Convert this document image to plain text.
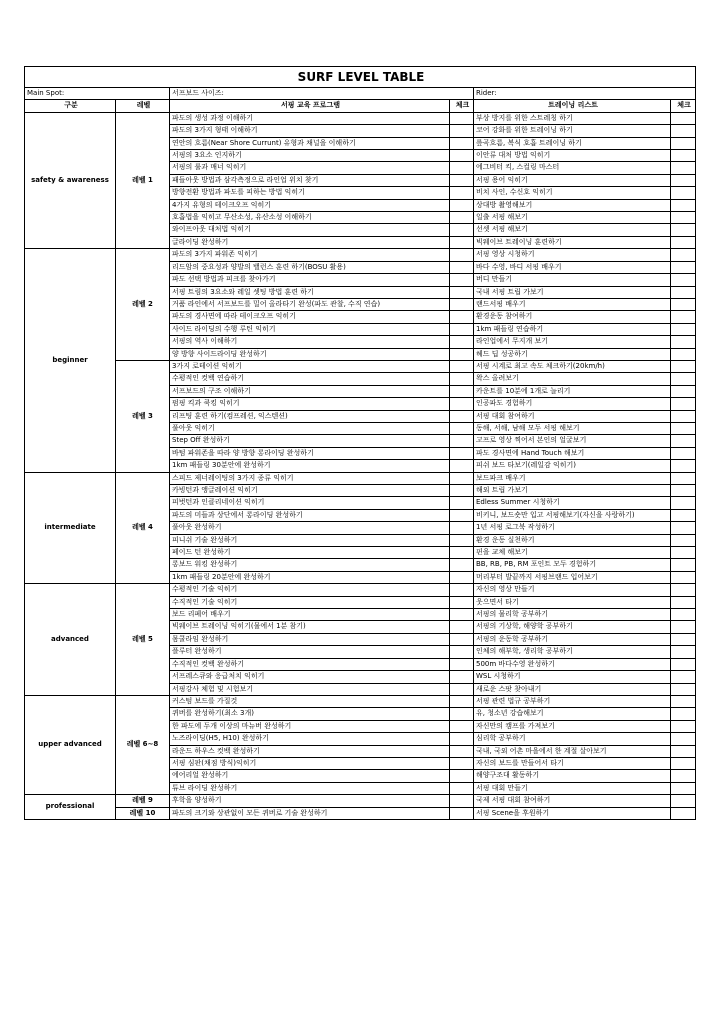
SURF LEVEL TABLE					
Main Spot:		서프보드 사이즈:		Rider:	
구분	레벨	서핑 교육 프로그램	체크	트레이닝 리스트	체크
safety & awareness	레벨 1	파도의 생성 과정 이해하기		부상 방지를 위한 스트레칭 하기	
		파도의 3가지 형태 이해하기		코어 강화를 위한 트레이닝 하기	
		연안의 흐름(Near Shore Currunt) 유형과 채널을 이해하기		릎곡흐름, 복식 호흡 트레이닝 하기	
		서핑의 3요소 인지하기		이안류 대처 방법 익히기	
		서핑의 룰과 매너 익히기		에그비터 킥, 스컬링 마스터	
		패들아웃 방법과 삼각측정으로 라인업 위치 찾기		서핑 용어 익히기	
		방향전환 방법과 파도를 피하는 방법 익히기		비치 사인, 수신호 익히기	
		4가지 유형의 테이크오프 익히기		상대방 촬영해보기	
		호흡법을 익히고 무산소성, 유산소성 이해하기		일출 서핑 해보기	
		와이프아웃 대처법 익히기		선셋 서핑 해보기	
		글라이딩 완성하기		빅웨이브 트레이닝 훈련하기	
beginner	레벨 2	파도의 3가지 파워존 익히기		서핑 영상 시청하기	
		리드암의 중요성과 양발의 밸런스 훈련 하기(BOSU 활용)		바다 수영, 바디 서핑 배우기	
		파도 선택 방법과 피크를 찾아가기		버디 만들기	
		서핑 트림의 3요소와 레일 셋팅 방법 훈련 하기		국내 서핑 트립 가보기	
		거품 라인에서 서프보드를 밀어 올라타기 완성(파도 관찰, 수직 연습)		랜드서핑 배우기	
		파도의 경사면에 따라 테이크오프 익히기		환경운동 참여하기	
		사이드 라이딩의 수행 루틴 익히기		1km 패들링 연습하기	
		서핑의 역사 이해하기		라인업에서 무지개 보기	
		양 방향 사이드라이딩 완성하기		헤드 딥 성공하기	
	레벨 3	3가지 로테이션 익히기		서핑 시계로 최고 속도 체크하기(20km/h)	
		수평적인 컷백 연습하기		왁스 올려보기	
		서프보드의 구조 이해하기		카운트를 10분에 1개로 늘리기	
		펌핑 킥과 쿡킹 익히기		인공파도 경험하기	
		리프팅 훈련 하기(컴프레션, 익스텐션)		서핑 대회 참여하기	
		풀아웃 익히기		동해, 서해, 남해 모두 서핑 해보기	
		Step Off 완성하기		고프로 영상 찍어서 본인의 얼굴보기	
		바텀 파워존을 따라 양 방향 롱라이딩 완성하기		파도 경사면에 Hand Touch 해보기	
		1km 패들링 30분안에 완성하기		피쉬 보드 타보기(레일감 익히기)	
intermediate	레벨 4	스피드 제너레이팅의 3가지 종류 익히기		보드파크 배우기	
		카빙턴과 앵글레이션 익히기		해외 트립 가보기	
		피벗턴과 인클리네이션 익히기		Edless Summer 시청하기	
		파도의 미들과 상단에서 롱라이딩 완성하기		비키니, 보드숏만 입고 서핑해보기(자신을 사랑하기)	
		풀아웃 완성하기		1년 서핑 로그북 작성하기	
		피니쉬 기술 완성하기		환경 운동 실천하기	
		페이드 턴 완성하기		핀을 교체 해보기	
		롱보드 워킹 완성하기		BB, RB, PB, RM 포인트 모두 경험하기	
		1km 패들링 20분안에 완성하기		머리부터 발끝까지 서핑브랜드 입어보기	
advanced	레벨 5	수평적인 기술 익히기		자신의 영상 만들기	
		수직적인 기술 익히기		웃으면서 타기	
		보드 리페어 배우기		서핑의 물리학 공부하기	
		빅웨이브 트레이닝 익히기(물에서 1분 참기)		서핑의 기상학, 해양학 공부하기	
		몸쿨라임 완성하기		서핑의 운동학 공부하기	
		플루터 완성하기		인체의 해부학, 생리학 공부하기	
		수직적인 컷백 완성하기		500m 바다수영 완성하기	
		서프레스큐와 응급처치 익히기		WSL 시청하기	
		서핑강사 체험 및 시험보기		새로운 스팟 찾아내기	
upper advanced	레벨 6~8	커스텀 보드를 가질것		서핑 관련 법규 공부하기	
		퀴버를 완성하기(최소 3개)		유, 청소년 강습해보기	
		한 파도에 두개 이상의 마뉴버 완성하기		자신만의 캠프를 가져보기	
		노즈라이딩(H5, H10) 완성하기		심리학 공부하기	
		라운드 하우스 컷백 완성하기		국내, 국외 어촌 마을에서 한 계절 살아보기	
		서핑 심판(채점 방식)익히기		자신의 보드를 만들어서 타기	
		에어리얼 완성하기		해양구조대 활동하기	
		튜브 라이딩 완성하기		서핑 대회 만들기	
professional	레벨 9	후학을 양성하기		국제 서핑 대회 참여하기	
	레벨 10	파도의 크기와 상관없이 모든 퀴버로 기술 완성하기		서핑 Scene을 후원하기	
